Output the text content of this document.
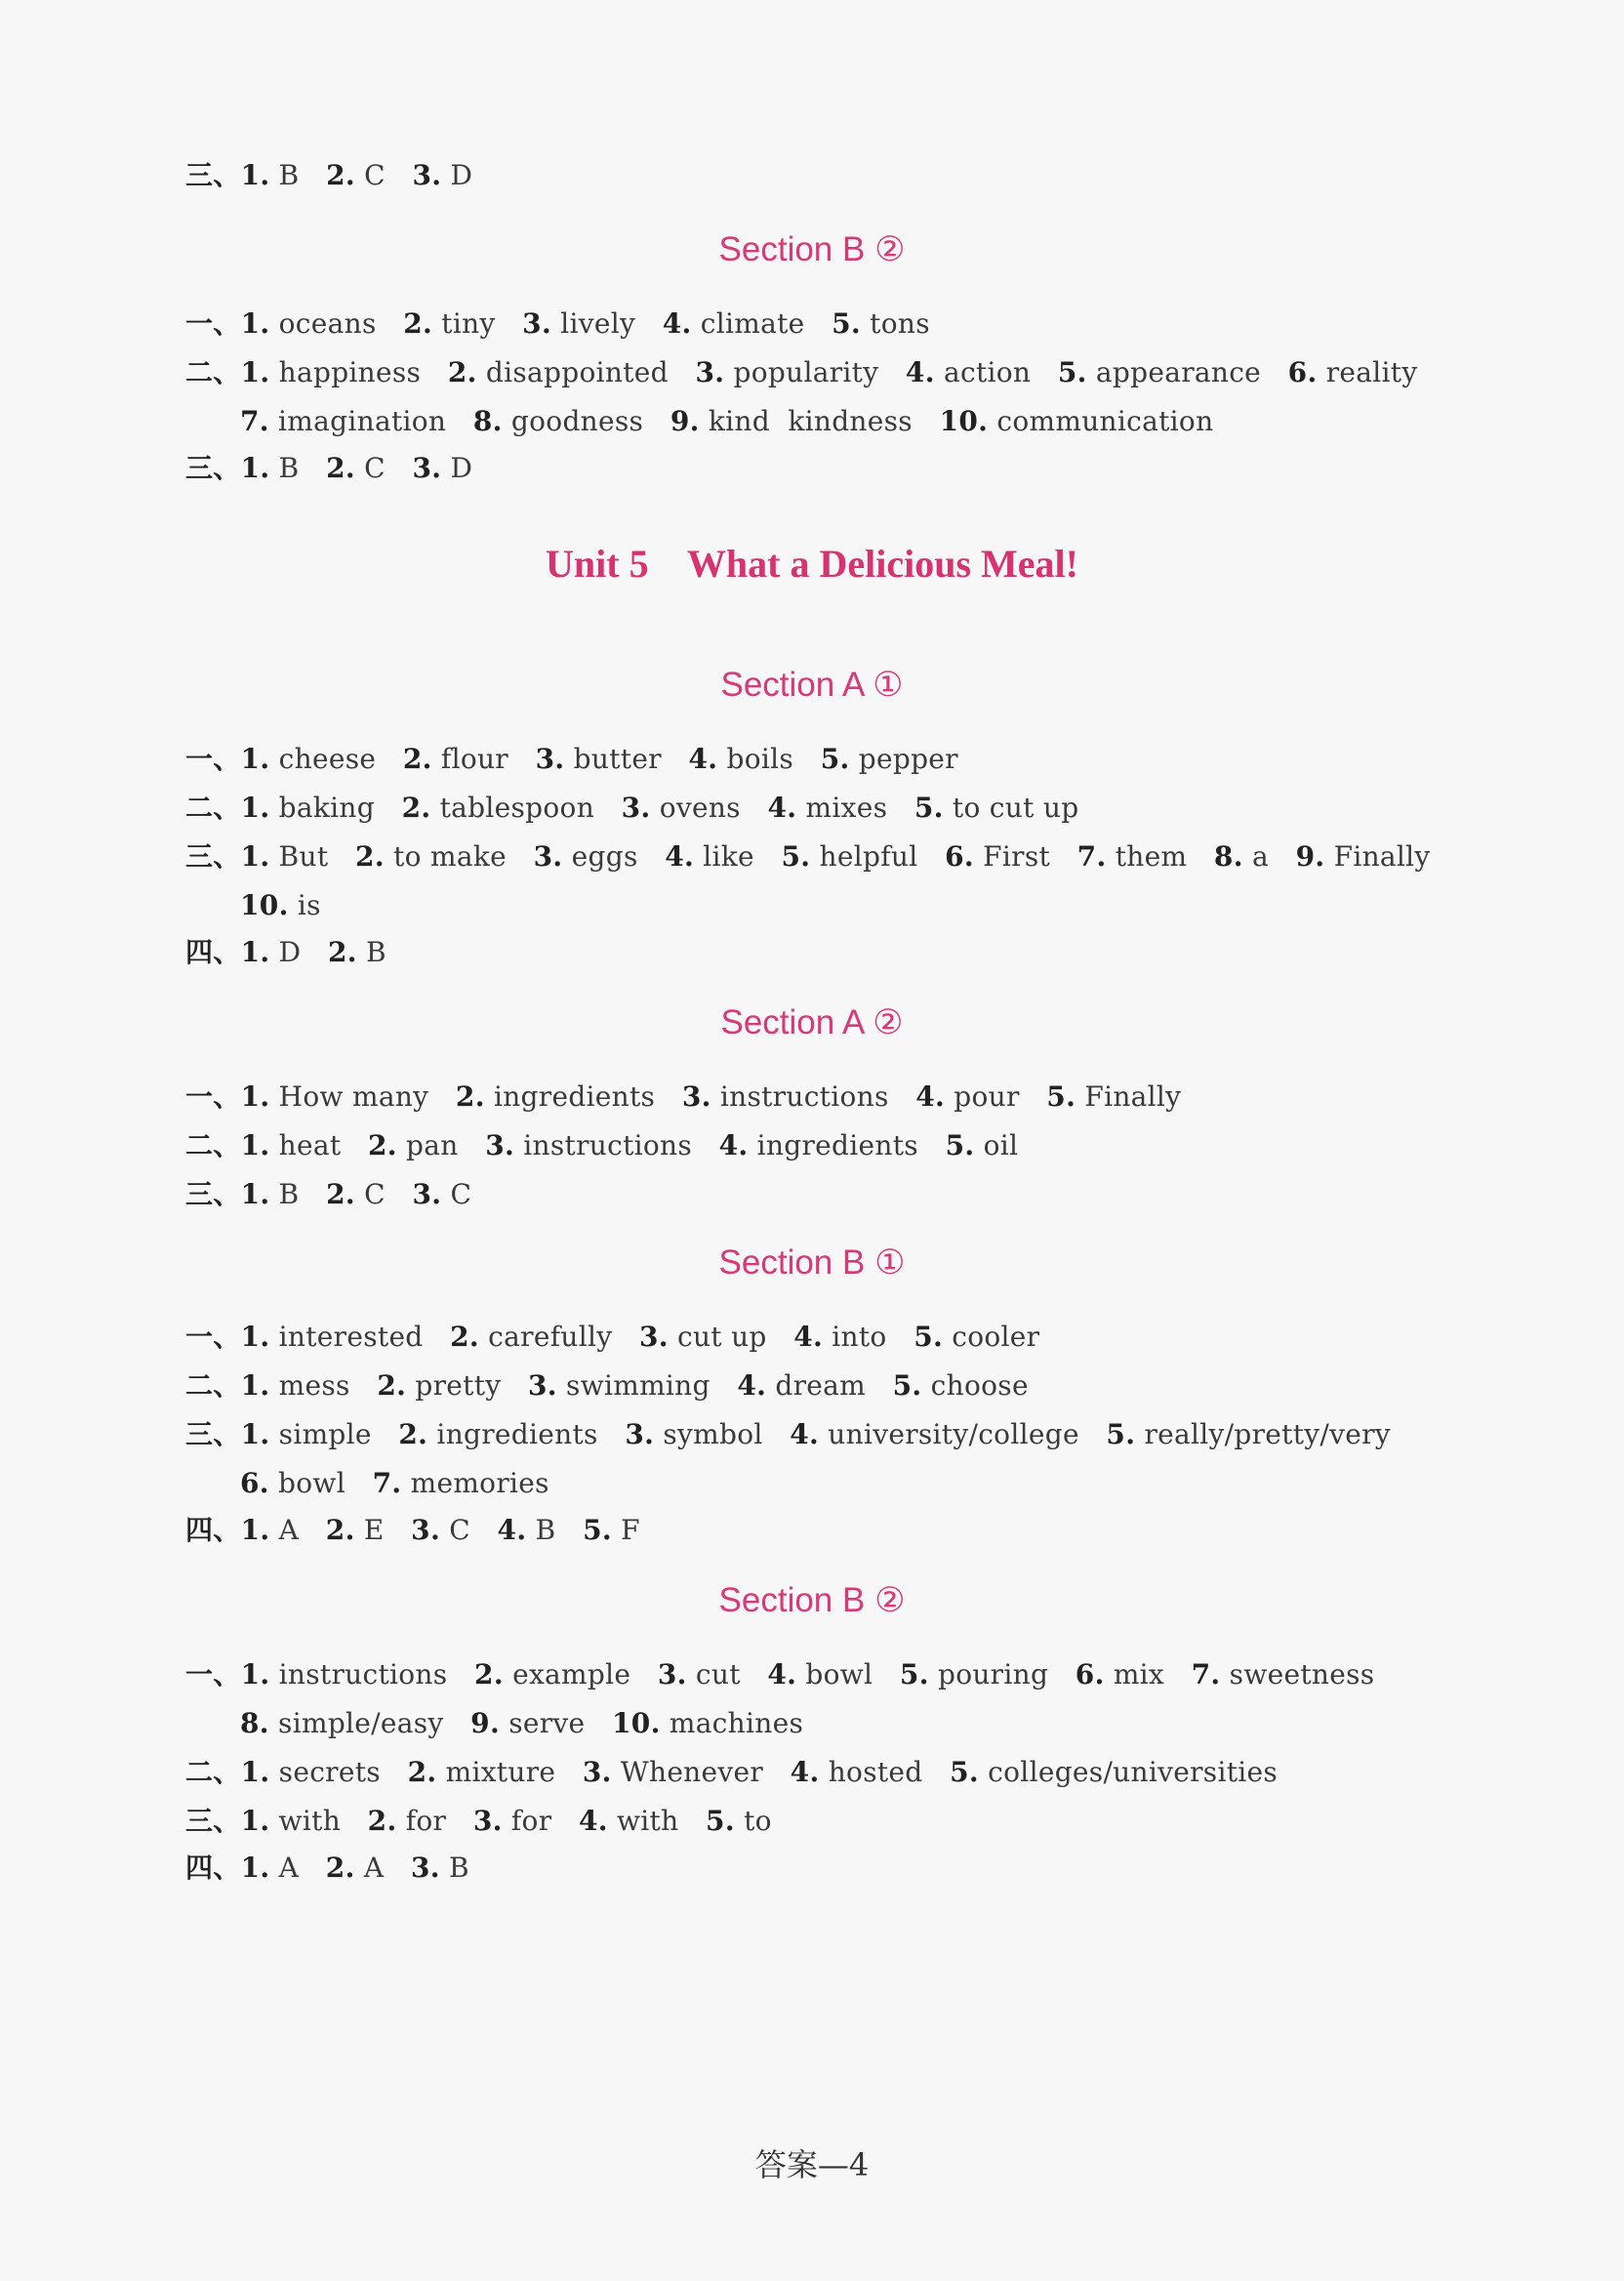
三、1. B   2. C   3. D
Section B ②
一、1. oceans   2. tiny   3. lively   4. climate   5. tons
二、1. happiness   2. disappointed   3. popularity   4. action   5. appearance   6. reality
7. imagination   8. goodness   9. kind  kindness   10. communication
三、1. B   2. C   3. D
Unit 5    What a Delicious Meal!
Section A ①
一、1. cheese   2. flour   3. butter   4. boils   5. pepper
二、1. baking   2. tablespoon   3. ovens   4. mixes   5. to cut up
三、1. But   2. to make   3. eggs   4. like   5. helpful   6. First   7. them   8. a   9. Finally
10. is
四、1. D   2. B
Section A ②
一、1. How many   2. ingredients   3. instructions   4. pour   5. Finally
二、1. heat   2. pan   3. instructions   4. ingredients   5. oil
三、1. B   2. C   3. C
Section B ①
一、1. interested   2. carefully   3. cut up   4. into   5. cooler
二、1. mess   2. pretty   3. swimming   4. dream   5. choose
三、1. simple   2. ingredients   3. symbol   4. university/college   5. really/pretty/very
6. bowl   7. memories
四、1. A   2. E   3. C   4. B   5. F
Section B ②
一、1. instructions   2. example   3. cut   4. bowl   5. pouring   6. mix   7. sweetness
8. simple/easy   9. serve   10. machines
二、1. secrets   2. mixture   3. Whenever   4. hosted   5. colleges/universities
三、1. with   2. for   3. for   4. with   5. to
四、1. A   2. A   3. B
答案—4
